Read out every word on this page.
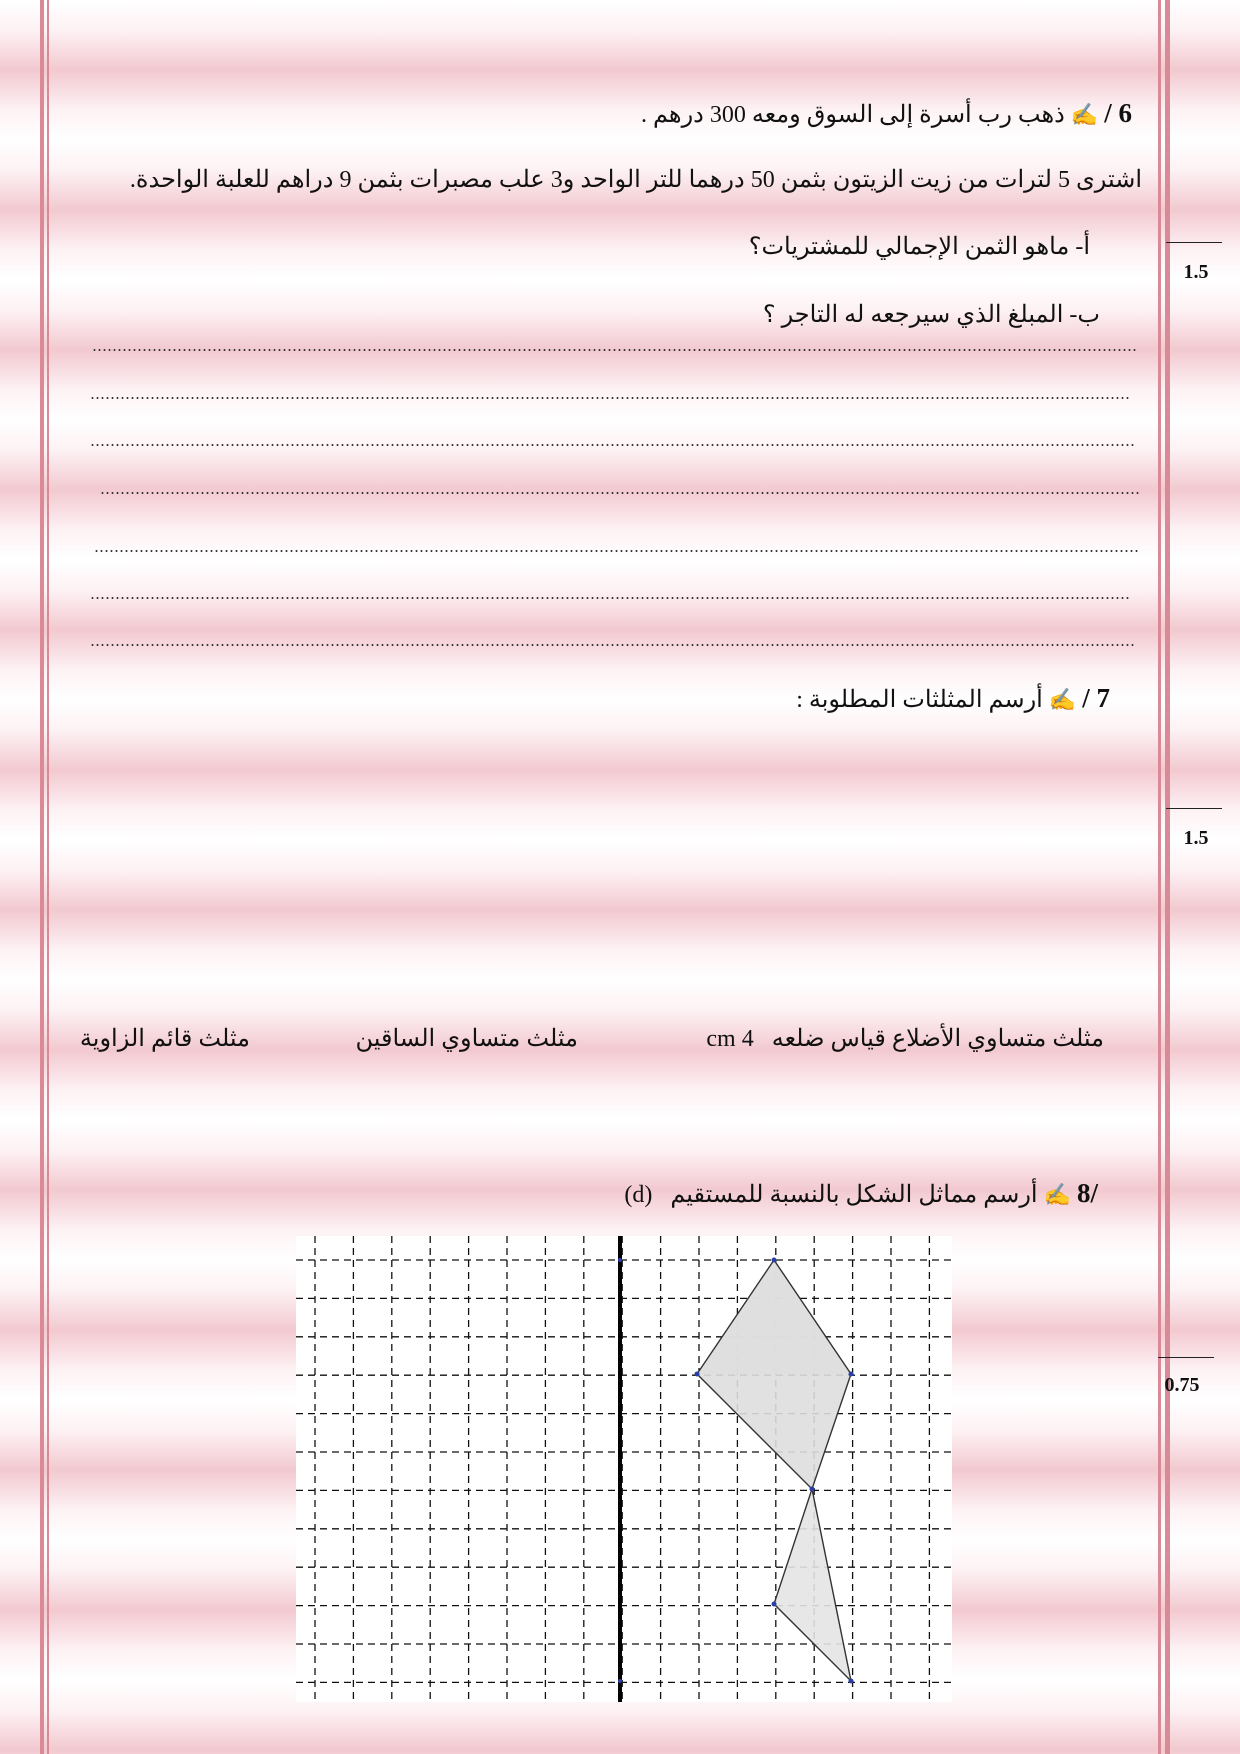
6 / ✍ ذهب رب أسرة إلى السوق ومعه 300 درهم .
اشترى 5 لترات من زيت الزيتون بثمن 50 درهما للتر الواحد و3 علب مصبرات بثمن 9 دراهم للعلبة الواحدة.
أ- ماهو الثمن الإجمالي للمشتريات؟
ب- المبلغ الذي سيرجعه له التاجر ؟
1.5
7 / ✍ أرسم المثلثات المطلوبة :
1.5
مثلث متساوي الأضلاع قياس ضلعه   4 cm
مثلث متساوي الساقين
مثلث قائم الزاوية
/8 ✍ أرسم مماثل الشكل بالنسبة للمستقيم   (d)
0.75
